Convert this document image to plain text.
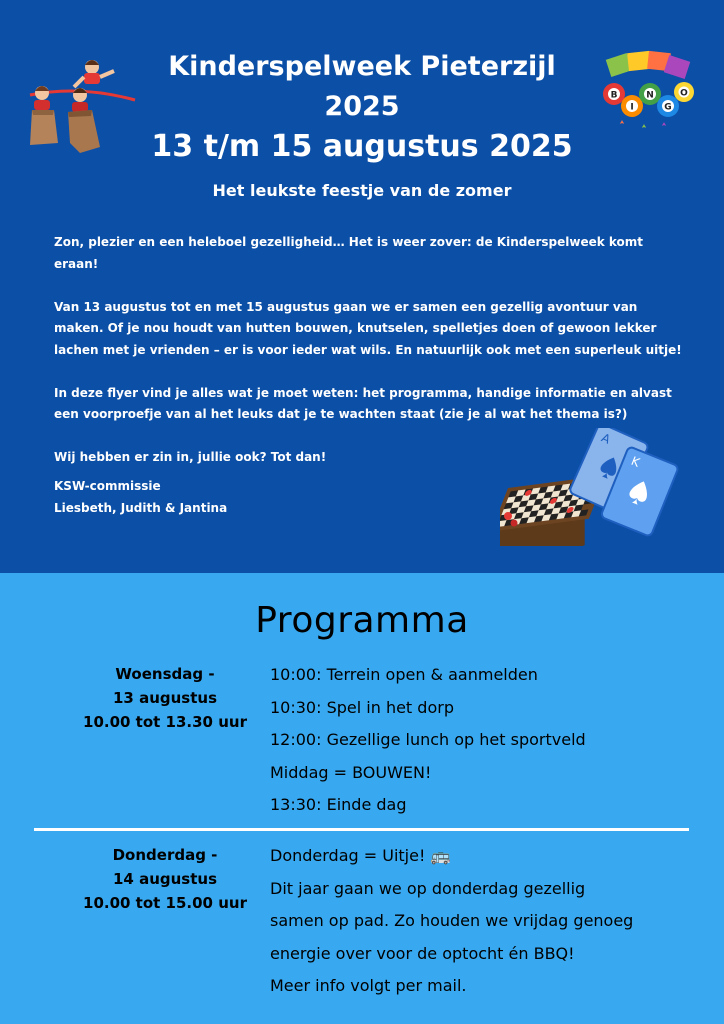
B
I
N
G
O
Kinderspelweek Pieterzijl
2025
13 t/m 15 augustus 2025
Het leukste feestje van de zomer

Zon, plezier en een heleboel gezelligheid… Het is weer zover: de Kinderspelweek komt eraan!

Van 13 augustus tot en met 15 augustus gaan we er samen een gezellig avontuur van maken. Of je nou houdt van hutten bouwen, knutselen, spelletjes doen of gewoon lekker lachen met je vrienden – er is voor ieder wat wils. En natuurlijk ook met een superleuk uitje!

In deze flyer vind je alles wat je moet weten: het programma, handige informatie en alvast een voorproefje van al het leuks dat je te wachten staat (zie je al wat het thema is?)

Wij hebben er zin in, jullie ook? Tot dan!

KSW-commissie
Liesbeth, Judith & Jantina
A
K
Programma
Woensdag -
13 augustus
10.00 tot 13.30 uur
10:00: Terrein open & aanmelden
10:30: Spel in het dorp
12:00: Gezellige lunch op het sportveld
Middag = BOUWEN!
13:30: Einde dag
Donderdag -
14 augustus
10.00 tot 15.00 uur
Donderdag = Uitje! 🚌
Dit jaar gaan we op donderdag gezellig
samen op pad. Zo houden we vrijdag genoeg
energie over voor de optocht én BBQ!
Meer info volgt per mail.
